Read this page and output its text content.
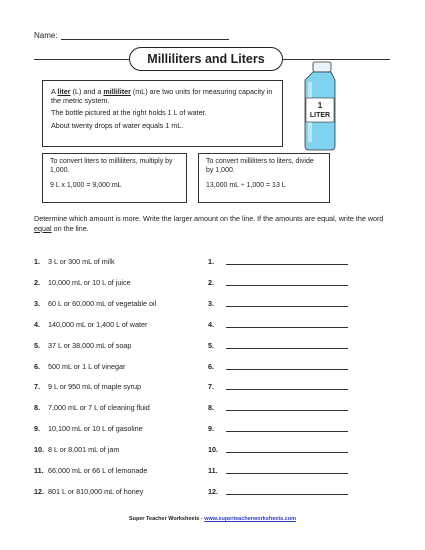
Name:
Milliliters and Liters

A liter (L) and a milliliter (mL) are two units for measuring capacity in the metric system.

The bottle pictured at the right holds 1 L of water.

About twenty drops of water equals 1 mL.

1
LITER
To convert liters to milliliters, multiply by 1,000.
9 L x 1,000 = 9,000 mL
To convert milliliters to liters, divide by 1,000.
13,000 mL ÷ 1,000 = 13 L
Determine which amount is more. Write the larger amount on the line. If the amounts are equal, write the word equal on the line.
1.	3 L or 300 mL of milk	1.
2.	10,000 mL or 10 L of juice	2.
3.	60 L or 60,000 mL of vegetable oil	3.
4.	140,000 mL or 1,400 L of water	4.
5.	37 L or 38,000 mL of soap	5.
6.	500 mL or 1 L of vinegar	6.
7.	9 L or 950 mL of maple syrup	7.
8.	7,000 mL or 7 L of cleaning fluid	8.
9.	10,100 mL or 10 L of gasoline	9.
10. 8 L or 8,001 mL of jam	10.
11. 66,000 mL or 66 L of lemonade	11.
12. 801 L or 810,000 mL of honey	12.
Super Teacher Worksheets - www.superteacherworksheets.com
